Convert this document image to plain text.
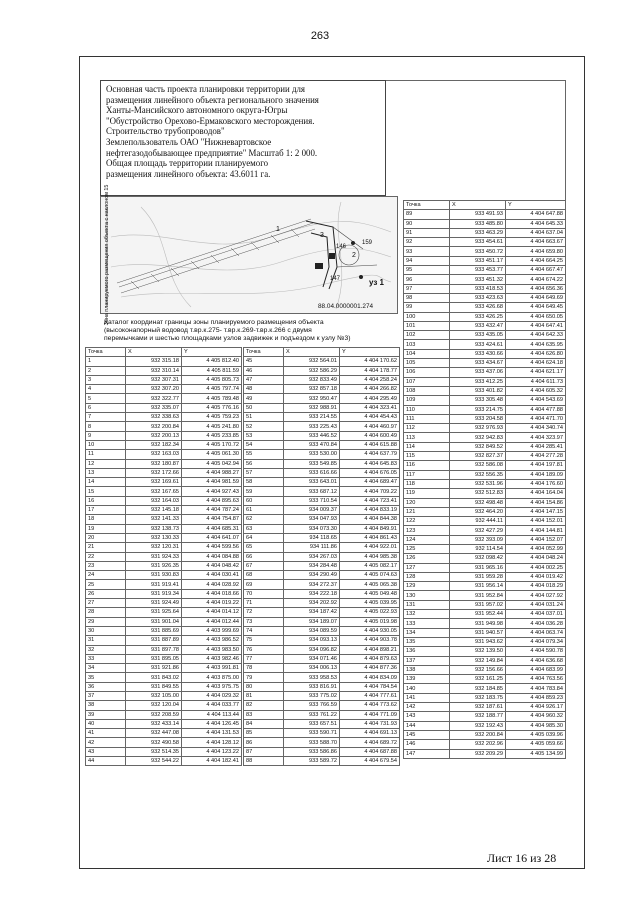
263
Основная часть проекта планировки территории для
размещения линейного объекта регионального значения
Ханты-Мансийского автономного округа-Югры
"Обустройство Орехово-Ермаковского месторождения.
Строительство трубопроводов"
Землепользователь ОАО "Нижневартовское
нефтегазодобывающее предприятие" Масштаб 1: 2 000.
Общая площадь территории планируемого
размещения линейного объекта: 43.6011 га.
Зона планируемого размещения объекта с наклоном 15	1
3
2
146
159
147	уз 1
88.04.0000001.274
Каталог координат границы зоны планируемого размещения объекта
(высоконапорный водовод т.вр.к.275- т.вр.к.269-т.вр.к.266 с двумя
перемычками и шестью площадками узлов задвижек и подъездом к узлу №3)
Точка	X	Y
1	932 315.18	4 405 812.40
2	932 310.14	4 405 811.59
3	932 307.31	4 405 805.73
4	932 307.20	4 405 797.74
5	932 322.77	4 405 789.48
6	932 335.07	4 405 776.16
7	932 338.63	4 405 759.23
8	932 200.84	4 405 241.80
9	932 200.13	4 405 233.85
10	932 182.34	4 405 170.72
11	932 163.03	4 405 061.30
12	932 180.87	4 405 042.94
13	932 172.66	4 404 988.27
14	932 169.61	4 404 981.59
15	932 167.65	4 404 927.43
16	932 164.03	4 404 895.63
17	932 145.18	4 404 787.24
18	932 141.33	4 404 754.87
19	932 138.73	4 404 685.31
20	932 130.33	4 404 641.07
21	932 120.31	4 404 599.56
22	931 924.33	4 404 084.88
23	931 926.35	4 404 048.42
24	931 930.83	4 404 030.41
25	931 919.41	4 404 028.92
26	931 919.34	4 404 018.66
27	931 924.49	4 404 019.22
28	931 925.64	4 404 014.12
29	931 901.04	4 404 012.44
30	931 885.69	4 403 999.69
31	931 887.89	4 403 986.52
32	931 897.78	4 403 983.50
33	931 895.05	4 403 982.46
34	931 921.86	4 403 991.81
35	931 843.02	4 403 875.00
36	931 849.55	4 403 975.75
37	932 105.00	4 404 029.32
38	932 120.04	4 404 033.77
39	932 208.59	4 404 113.44
40	932 433.14	4 404 126.45
41	932 447.08	4 404 131.53
42	932 490.58	4 404 128.12
43	932 514.35	4 404 123.22
44	932 544.22	4 404 182.41
Точка	X	Y
45	932 564.01	4 404 170.62
46	932 586.29	4 404 178.77
47	932 833.49	4 404 258.24
48	932 857.18	4 404 266.82
49	932 950.47	4 404 295.49
50	932 988.91	4 404 323.41
51	933 214.55	4 404 454.43
52	933 225.43	4 404 460.97
53	933 446.52	4 404 600.49
54	933 470.84	4 404 615.88
55	933 530.00	4 404 637.79
56	933 549.85	4 404 645.83
57	933 616.66	4 404 676.05
58	933 643.01	4 404 689.47
59	933 687.12	4 404 709.22
60	933 710.54	4 404 723.41
61	934 009.37	4 404 833.19
62	934 047.93	4 404 844.38
63	934 073.30	4 404 849.91
64	934 118.65	4 404 861.43
65	934 111.86	4 404 922.01
66	934 267.03	4 404 985.38
67	934 284.48	4 405 082.17
68	934 290.49	4 405 074.63
69	934 272.37	4 405 065.38
70	934 222.18	4 405 049.48
71	934 202.92	4 405 039.95
72	934 187.42	4 405 022.93
73	934 189.07	4 405 019.98
74	934 089.59	4 404 930.05
75	934 093.13	4 404 903.78
76	934 096.82	4 404 898.21
77	934 071.46	4 404 879.63
78	934 006.13	4 404 877.36
79	933 958.53	4 404 834.09
80	933 816.91	4 404 784.54
81	933 775.02	4 404 777.61
82	933 766.59	4 404 773.62
83	933 761.22	4 404 771.09
84	933 657.51	4 404 731.93
85	933 590.71	4 404 691.13
86	933 588.70	4 404 689.72
87	933 586.86	4 404 687.88
88	933 589.72	4 404 679.54
Точка	X	Y
89	933 491.93	4 404 647.88
90	933 485.80	4 404 645.33
91	933 463.29	4 404 637.04
92	933 454.61	4 404 663.67
93	933 450.72	4 404 659.80
94	933 451.17	4 404 664.25
95	933 453.77	4 404 667.47
96	933 451.32	4 404 674.22
97	933 418.53	4 404 656.36
98	933 423.63	4 404 649.69
99	933 426.68	4 404 649.45
100	933 426.25	4 404 650.05
101	933 432.47	4 404 647.41
102	933 435.05	4 404 642.33
103	933 424.61	4 404 635.95
104	933 430.66	4 404 626.80
105	933 434.67	4 404 624.18
106	933 437.06	4 404 621.17
107	933 412.25	4 404 611.73
108	933 401.82	4 404 605.32
109	933 305.48	4 404 543.69
110	933 214.75	4 404 477.88
111	933 204.58	4 404 471.70
112	932 976.93	4 404 340.74
113	932 942.83	4 404 323.97
114	932 849.52	4 404 285.41
115	932 827.37	4 404 277.28
116	932 586.08	4 404 197.81
117	932 556.35	4 404 189.09
118	932 531.96	4 404 176.60
119	932 512.83	4 404 164.04
120	932 498.48	4 404 154.86
121	932 464.20	4 404 147.15
122	932 444.11	4 404 152.01
123	932 427.29	4 404 144.81
124	932 393.09	4 404 152.07
125	932 114.54	4 404 052.99
126	932 098.42	4 404 048.24
127	931 965.16	4 404 002.25
128	931 959.28	4 404 019.42
129	931 956.14	4 404 018.29
130	931 952.84	4 404 027.92
131	931 957.02	4 404 031.24
132	931 952.44	4 404 037.01
133	931 949.98	4 404 036.28
134	931 940.57	4 404 063.74
135	931 943.62	4 404 079.34
136	932 139.50	4 404 590.78
137	932 149.84	4 404 636.68
138	932 156.66	4 404 683.99
139	932 161.25	4 404 763.56
140	932 184.85	4 404 783.84
141	932 183.75	4 404 859.23
142	932 187.61	4 404 926.17
143	932 188.77	4 404 960.32
144	932 192.43	4 404 985.30
145	932 200.84	4 405 039.96
146	932 202.96	4 405 059.66
147	932 209.29	4 405 134.99
Лист 16 из 28
